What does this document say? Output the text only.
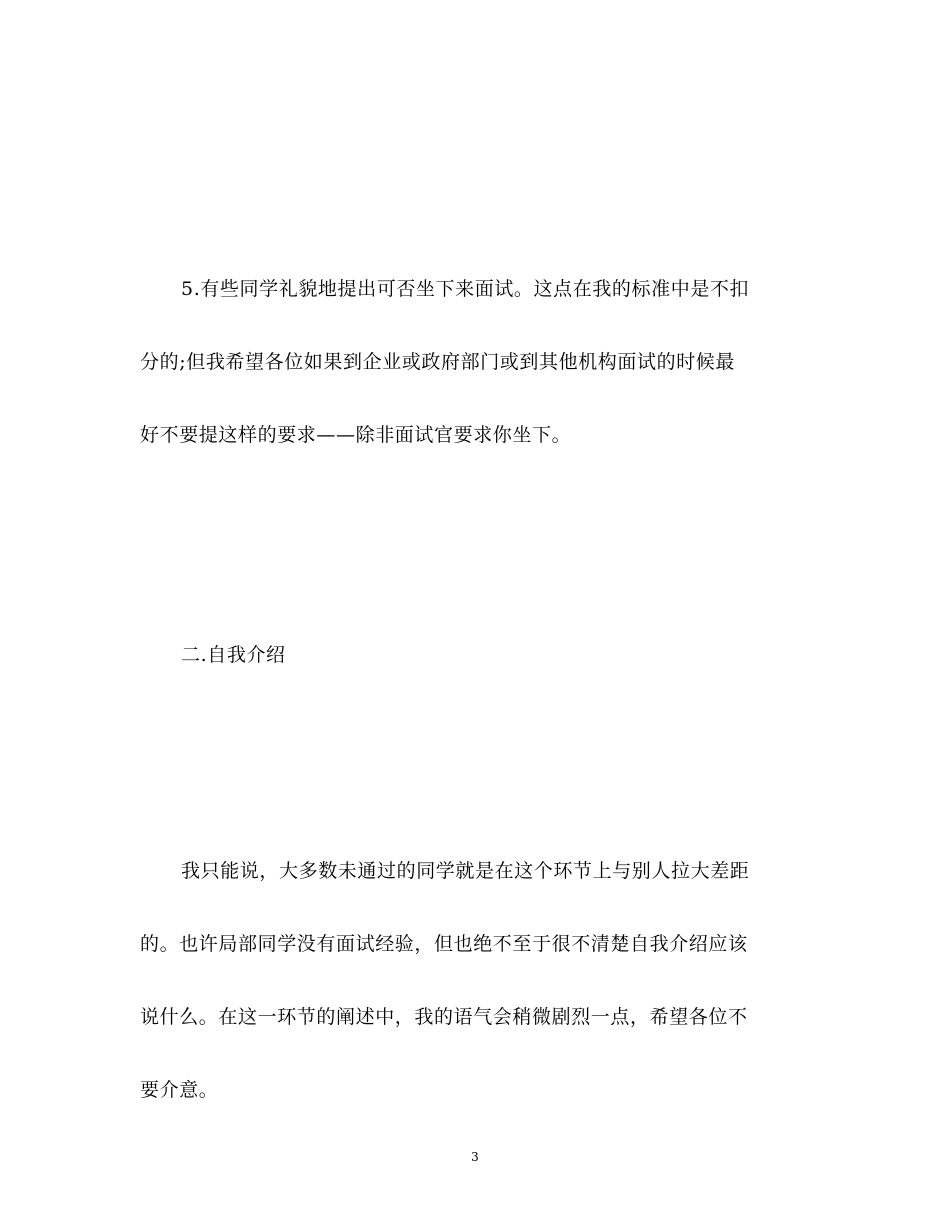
5.有些同学礼貌地提出可否坐下来面试。这点在我的标准中是不扣
分的;但我希望各位如果到企业或政府部门或到其他机构面试的时候最
好不要提这样的要求——除非面试官要求你坐下。
二.自我介绍
我只能说，大多数未通过的同学就是在这个环节上与别人拉大差距
的。也许局部同学没有面试经验，但也绝不至于很不清楚自我介绍应该
说什么。在这一环节的阐述中，我的语气会稍微剧烈一点，希望各位不
要介意。
3
